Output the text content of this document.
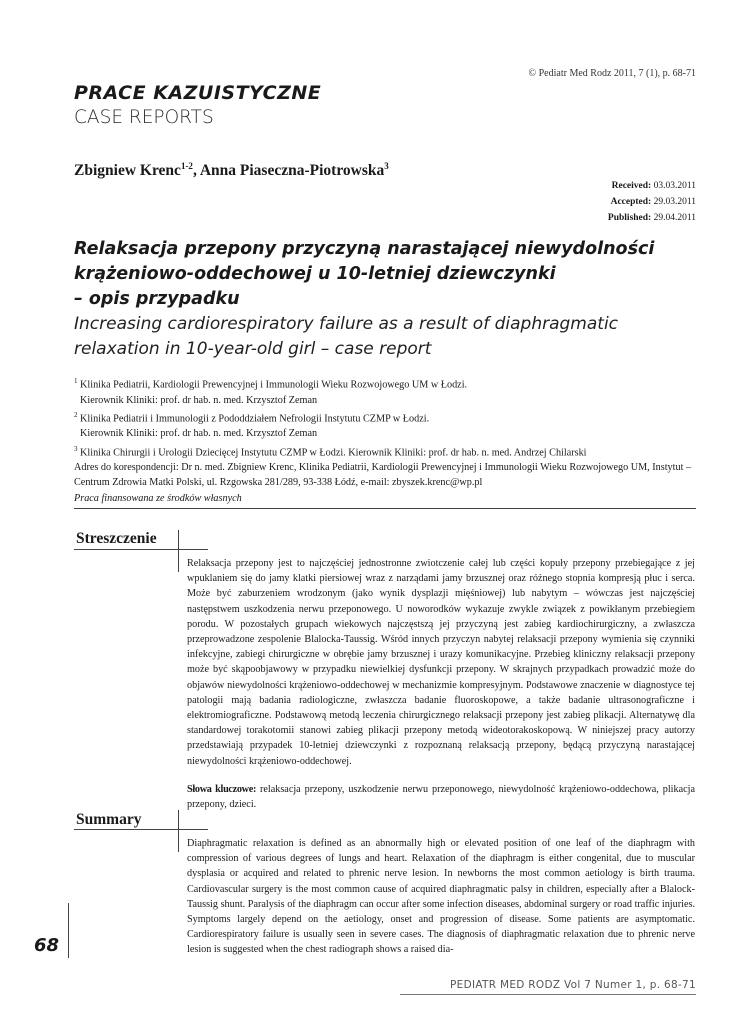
© Pediatr Med Rodz 2011, 7 (1), p. 68-71
PRACE KAZUISTYCZNE
CASE REPORTS
Zbigniew Krenc$^{1-2}$, Anna Piaseczna-Piotrowska$^3$
Received: 03.03.2011
Accepted: 29.03.2011
Published: 29.04.2011
Relaksacja przepony przyczyną narastającej niewydolności
krążeniowo-oddechowej u 10-letniej dziewczynki
– opis przypadku
Increasing cardiorespiratory failure as a result of diaphragmatic
relaxation in 10-year-old girl – case report

$^1$ Klinika Pediatrii, Kardiologii Prewencyjnej i Immunologii Wieku Rozwojowego UM w Łodzi.

Kierownik Kliniki: prof. dr hab. n. med. Krzysztof Zeman

$^2$ Klinika Pediatrii i Immunologii z Pododdziałem Nefrologii Instytutu CZMP w Łodzi.

Kierownik Kliniki: prof. dr hab. n. med. Krzysztof Zeman

$^3$ Klinika Chirurgii i Urologii Dziecięcej Instytutu CZMP w Łodzi. Kierownik Kliniki: prof. dr hab. n. med. Andrzej Chilarski

Adres do korespondencji: Dr n. med. Zbigniew Krenc, Klinika Pediatrii, Kardiologii Prewencyjnej i Immunologii Wieku Rozwojowego UM, Instytut – Centrum Zdrowia Matki Polski, ul. Rzgowska 281/289, 93-338 Łódź, e-mail: zbyszek.krenc@wp.pl

Praca finansowana ze środków własnych

Streszczenie

Relaksacja przepony jest to najczęściej jednostronne zwiotczenie całej lub części kopuły przepony przebiegające z jej wpuklaniem się do jamy klatki piersiowej wraz z narządami jamy brzusznej oraz różnego stopnia kompresją płuc i serca. Może być zaburzeniem wrodzonym (jako wynik dysplazji mięśniowej) lub nabytym – wówczas jest najczęściej następstwem uszkodzenia nerwu przeponowego. U noworodków wykazuje zwykle związek z powikłanym przebiegiem porodu. W pozostałych grupach wiekowych najczęstszą jej przyczyną jest zabieg kardiochirurgiczny, a zwłaszcza przeprowadzone zespolenie Blalocka-Taussig. Wśród innych przyczyn nabytej relaksacji przepony wymienia się czynniki infekcyjne, zabiegi chirurgiczne w obrębie jamy brzusznej i urazy komunikacyjne. Przebieg kliniczny relaksacji przepony może być skąpoobjawowy w przypadku niewielkiej dysfunkcji przepony. W skrajnych przypadkach prowadzić może do objawów niewydolności krążeniowo-oddechowej w mechanizmie kompresyjnym. Podstawowe znaczenie w diagnostyce tej patologii mają badania radiologiczne, zwłaszcza badanie fluoroskopowe, a także badanie ultrasonograficzne i elektromiograficzne. Podstawową metodą leczenia chirurgicznego relaksacji przepony jest zabieg plikacji. Alternatywę dla standardowej torakotomii stanowi zabieg plikacji przepony metodą wideotorakoskopową. W niniejszej pracy autorzy przedstawiają przypadek 10-letniej dziewczynki z rozpoznaną relaksacją przepony, będącą przyczyną narastającej niewydolności krążeniowo-oddechowej.

Słowa kluczowe: relaksacja przepony, uszkodzenie nerwu przeponowego, niewydolność krążeniowo-oddechowa, plikacja przepony, dzieci.

Summary

Diaphragmatic relaxation is defined as an abnormally high or elevated position of one leaf of the diaphragm with compression of various degrees of lungs and heart. Relaxation of the diaphragm is either congenital, due to muscular dysplasia or acquired and related to phrenic nerve lesion. In newborns the most common aetiology is birth trauma. Cardiovascular surgery is the most common cause of acquired diaphragmatic palsy in children, especially after a Blalock-Taussig shunt. Paralysis of the diaphragm can occur after some infection diseases, abdominal surgery or road traffic injuries. Symptoms largely depend on the aetiology, onset and progression of disease. Some patients are asymptomatic. Cardiorespiratory failure is usually seen in severe cases. The diagnosis of diaphragmatic relaxation due to phrenic nerve lesion is suggested when the chest radiograph shows a raised dia-

68
PEDIATR MED RODZ Vol 7 Numer 1, p. 68-71
